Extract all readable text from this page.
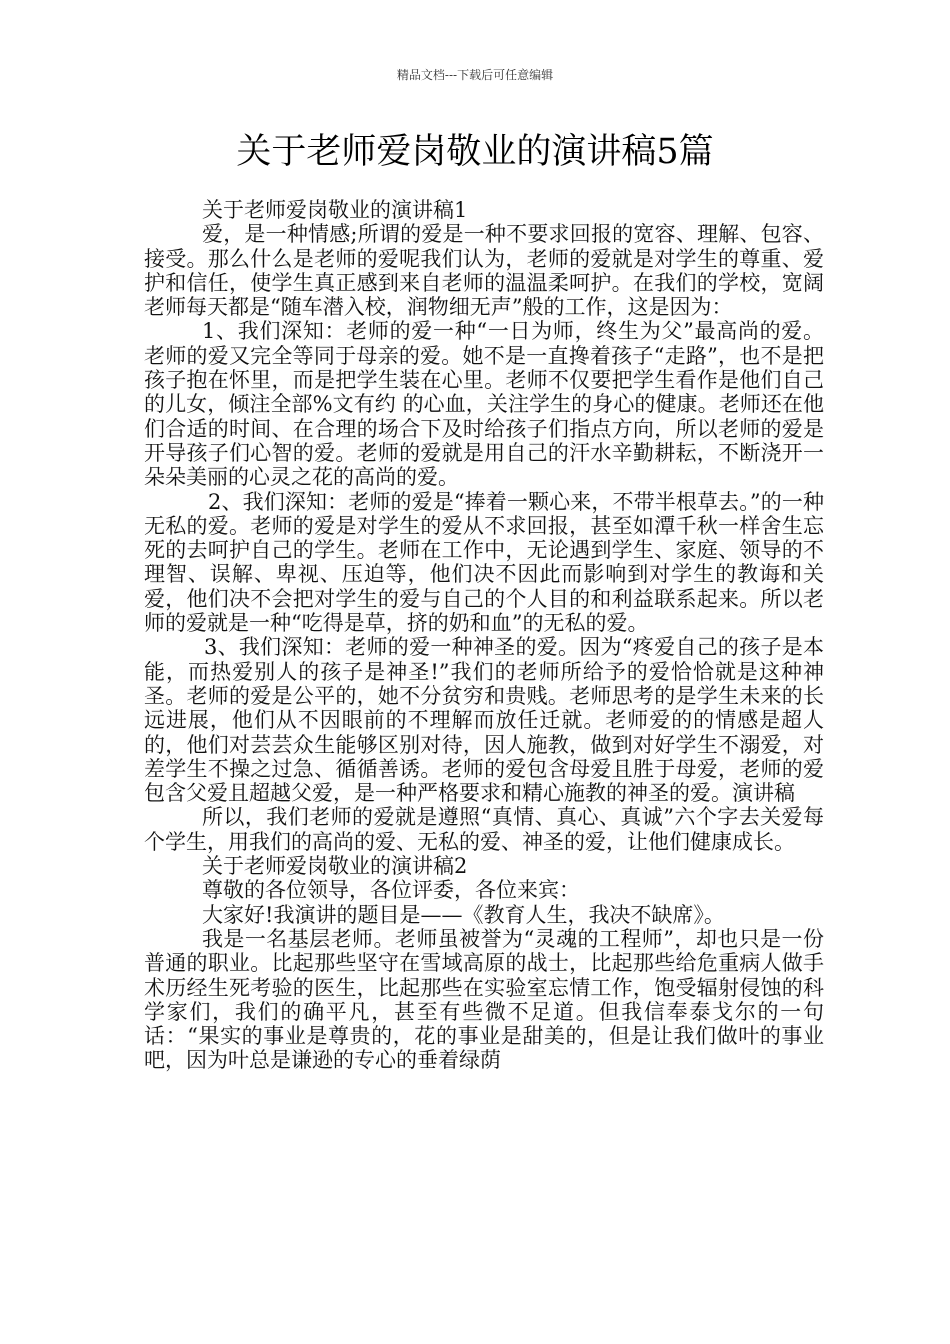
精品文档---下载后可任意编辑
关于老师爱岗敬业的演讲稿5篇

关于老师爱岗敬业的演讲稿1

爱，是一种情感;所谓的爱是一种不要求回报的宽容、理解、包容、接受。那么什么是老师的爱呢我们认为，老师的爱就是对学生的尊重、爱护和信任，使学生真正感到来自老师的温温柔呵护。在我们的学校，宽阔老师每天都是“随车潜入校，润物细无声”般的工作，这是因为：

1、我们深知：老师的爱一种“一日为师，终生为父”最高尚的爱。老师的爱又完全等同于母亲的爱。她不是一直搀着孩子“走路”，也不是把孩子抱在怀里，而是把学生装在心里。老师不仅要把学生看作是他们自己的儿女，倾注全部%文有约 的心血，关注学生的身心的健康。老师还在他们合适的时间、在合理的场合下及时给孩子们指点方向，所以老师的爱是开导孩子们心智的爱。老师的爱就是用自己的汗水辛勤耕耘，不断浇开一朵朵美丽的心灵之花的高尚的爱。

2、我们深知：老师的爱是“捧着一颗心来，不带半根草去。”的一种无私的爱。老师的爱是对学生的爱从不求回报，甚至如潭千秋一样舍生忘死的去呵护自己的学生。老师在工作中，无论遇到学生、家庭、领导的不理智、误解、卑视、压迫等，他们决不因此而影响到对学生的教诲和关爱，他们决不会把对学生的爱与自己的个人目的和利益联系起来。所以老师的爱就是一种“吃得是草，挤的奶和血”的无私的爱。

3、我们深知：老师的爱一种神圣的爱。因为“疼爱自己的孩子是本能，而热爱别人的孩子是神圣!”我们的老师所给予的爱恰恰就是这种神圣。老师的爱是公平的，她不分贫穷和贵贱。老师思考的是学生未来的长远进展，他们从不因眼前的不理解而放任迁就。老师爱的的情感是超人的，他们对芸芸众生能够区别对待，因人施教，做到对好学生不溺爱，对差学生不操之过急、循循善诱。老师的爱包含母爱且胜于母爱，老师的爱包含父爱且超越父爱，是一种严格要求和精心施教的神圣的爱。演讲稿

所以，我们老师的爱就是遵照“真情、真心、真诚”六个字去关爱每个学生，用我们的高尚的爱、无私的爱、神圣的爱，让他们健康成长。

关于老师爱岗敬业的演讲稿2

尊敬的各位领导，各位评委，各位来宾：

大家好!我演讲的题目是——《教育人生，我决不缺席》。

我是一名基层老师。老师虽被誉为“灵魂的工程师”，却也只是一份普通的职业。比起那些坚守在雪域高原的战士，比起那些给危重病人做手术历经生死考验的医生，比起那些在实验室忘情工作，饱受辐射侵蚀的科学家们，我们的确平凡，甚至有些微不足道。但我信奉泰戈尔的一句话：“果实的事业是尊贵的，花的事业是甜美的，但是让我们做叶的事业吧，因为叶总是谦逊的专心的垂着绿荫
